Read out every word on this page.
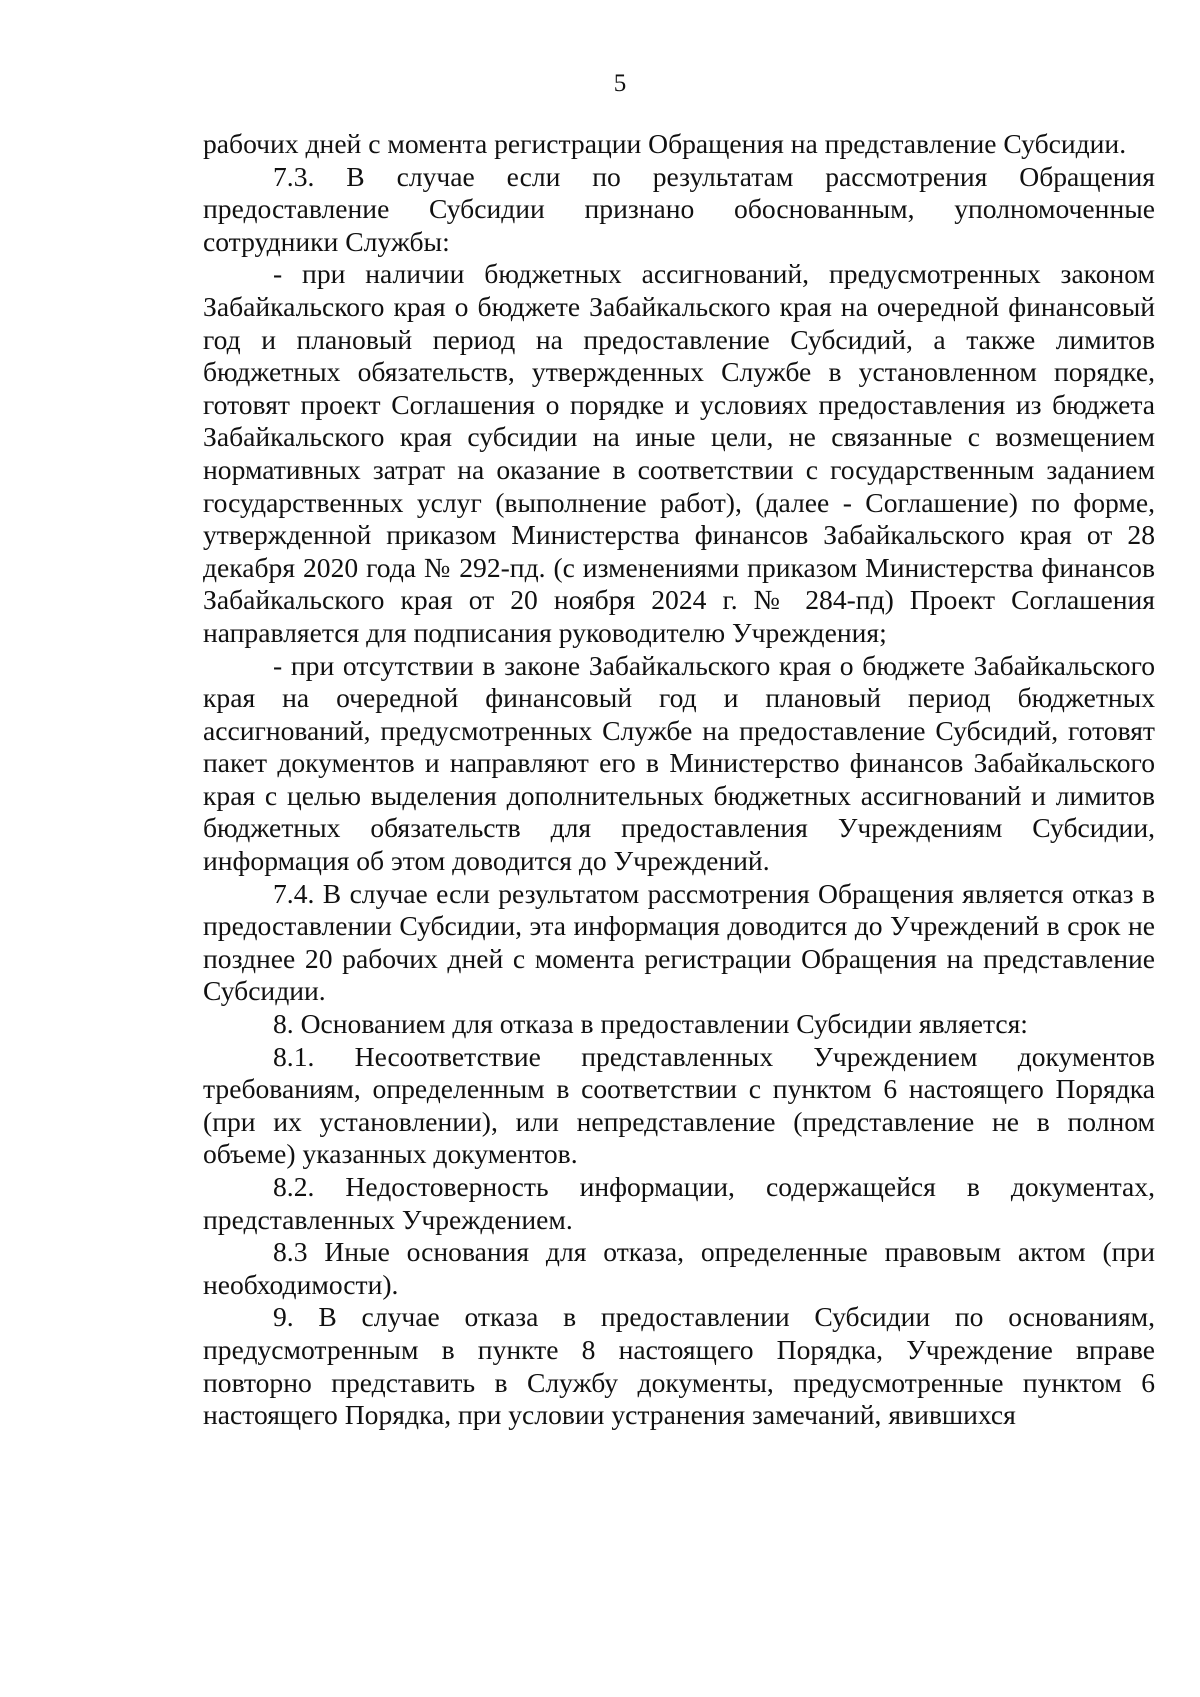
5

рабочих дней с момента регистрации Обращения на представление Субсидии.

7.3. В случае если по результатам рассмотрения Обращения предоставление Субсидии признано обоснованным, уполномоченные сотрудники Службы:

- при наличии бюджетных ассигнований, предусмотренных законом Забайкальского края о бюджете Забайкальского края на очередной финансовый год и плановый период на предоставление Субсидий, а также лимитов бюджетных обязательств, утвержденных Службе в установленном порядке, готовят проект Соглашения о порядке и условиях предоставления из бюджета Забайкальского края субсидии на иные цели, не связанные с возмещением нормативных затрат на оказание в соответствии с государственным заданием государственных услуг (выполнение работ), (далее - Соглашение) по форме, утвержденной приказом Министерства финансов Забайкальского края от 28 декабря 2020 года № 292-пд. (с изменениями приказом Министерства финансов Забайкальского края от 20 ноября 2024 г. № 284-пд) Проект Соглашения направляется для подписания руководителю Учреждения;

- при отсутствии в законе Забайкальского края о бюджете Забайкальского края на очередной финансовый год и плановый период бюджетных ассигнований, предусмотренных Службе на предоставление Субсидий, готовят пакет документов и направляют его в Министерство финансов Забайкальского края с целью выделения дополнительных бюджетных ассигнований и лимитов бюджетных обязательств для предоставления Учреждениям Субсидии, информация об этом доводится до Учреждений.

7.4. В случае если результатом рассмотрения Обращения является отказ в предоставлении Субсидии, эта информация доводится до Учреждений в срок не позднее 20 рабочих дней с момента регистрации Обращения на представление Субсидии.

8. Основанием для отказа в предоставлении Субсидии является:

8.1. Несоответствие представленных Учреждением документов требованиям, определенным в соответствии с пунктом 6 настоящего Порядка (при их установлении), или непредставление (представление не в полном объеме) указанных документов.

8.2. Недостоверность информации, содержащейся в документах, представленных Учреждением.

8.3 Иные основания для отказа, определенные правовым актом (при необходимости).

9. В случае отказа в предоставлении Субсидии по основаниям, предусмотренным в пункте 8 настоящего Порядка, Учреждение вправе повторно представить в Службу документы, предусмотренные пунктом 6 настоящего Порядка, при условии устранения замечаний, явившихся
